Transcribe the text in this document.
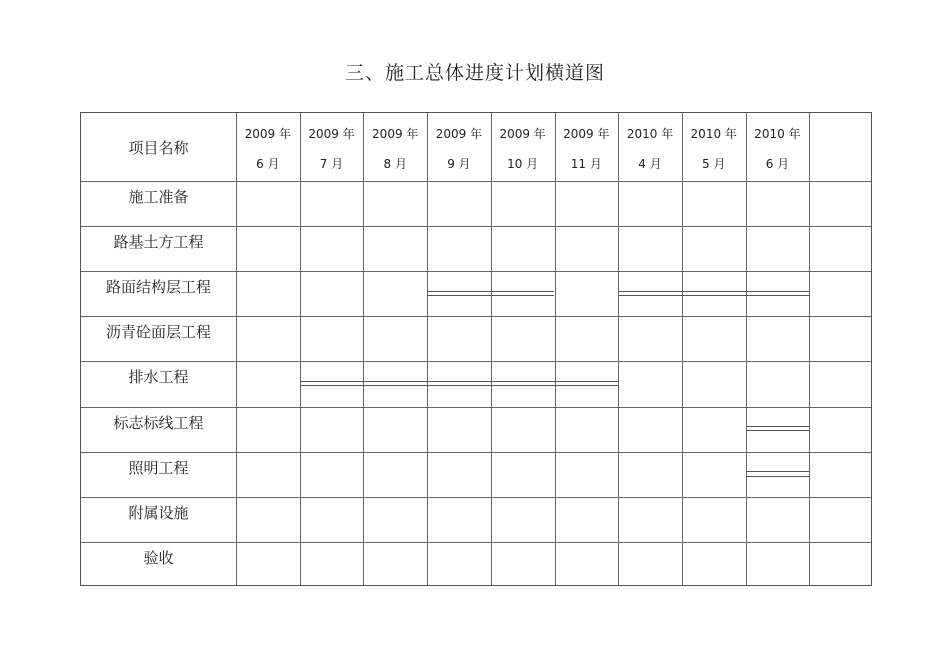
三、施工总体进度计划横道图
项目名称
2009 年
6 月
2009 年
7 月
2009 年
8 月
2009 年
9 月
2009 年
10 月
2009 年
11 月
2010 年
4 月
2010 年
5 月
2010 年
6 月
施工准备
路基土方工程
路面结构层工程
沥青砼面层工程
排水工程
标志标线工程
照明工程
附属设施
验收
